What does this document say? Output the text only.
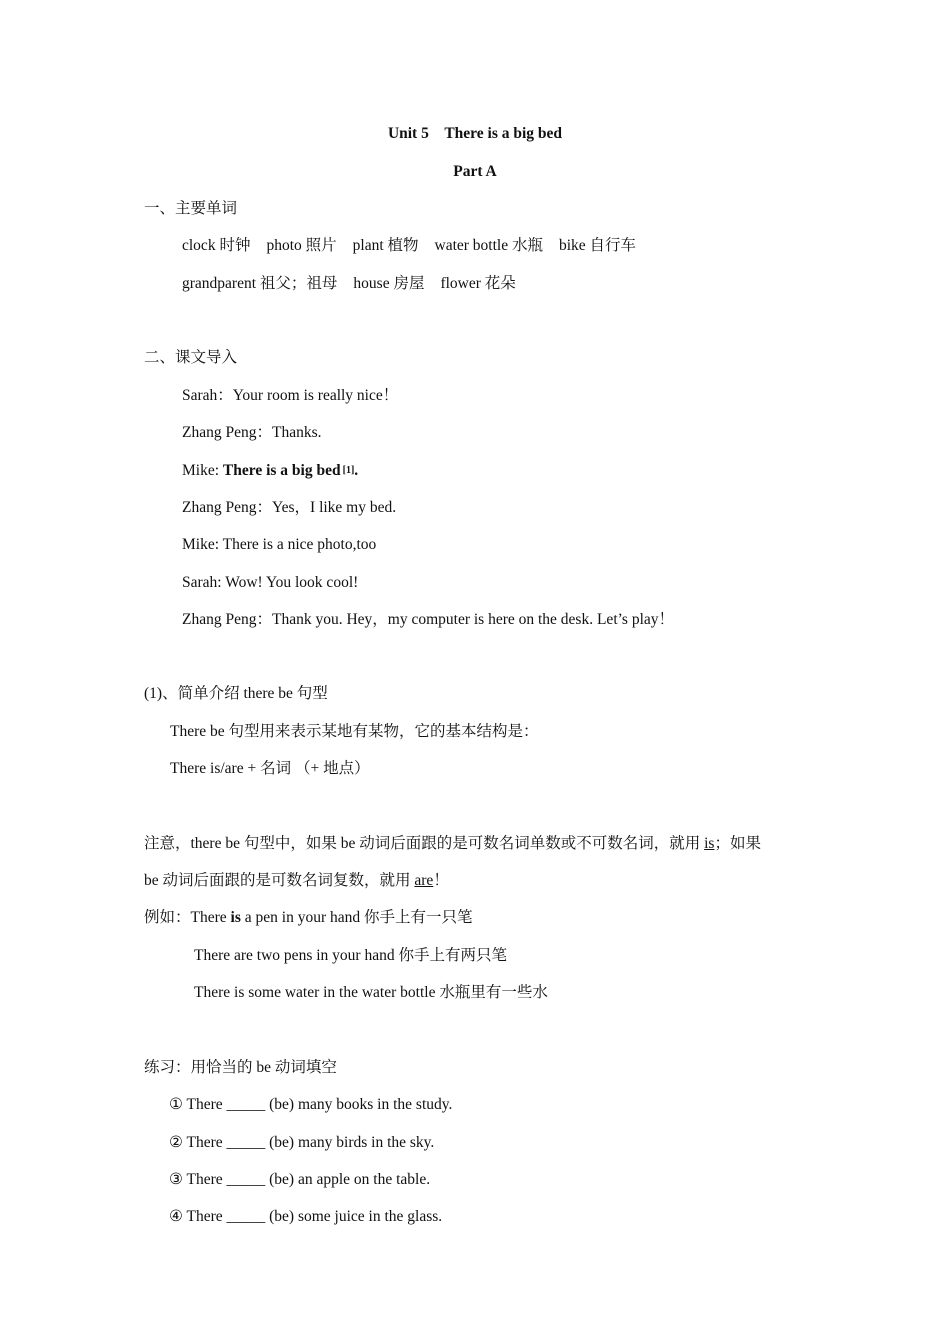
Unit 5　There is a big bed
Part A
一、主要单词
clock 时钟 photo 照片 plant 植物 water bottle 水瓶 bike 自行车
grandparent 祖父；祖母 house 房屋 flower 花朵
二、课文导入
Sarah：Your room is really nice！
Zhang Peng：Thanks.
Mike: There is a big bed [1].
Zhang Peng：Yes，I like my bed.
Mike: There is a nice photo,too
Sarah: Wow! You look cool!
Zhang Peng：Thank you. Hey，my computer is here on the desk. Let’s play！
(1)、简单介绍 there be 句型
There be 句型用来表示某地有某物，它的基本结构是：
There is/are + 名词 （+ 地点）
注意，there be 句型中，如果 be 动词后面跟的是可数名词单数或不可数名词，就用 is；如果
be 动词后面跟的是可数名词复数，就用 are！
例如：There is a pen in your hand 你手上有一只笔
There are two pens in your hand 你手上有两只笔
There is some water in the water bottle 水瓶里有一些水
练习：用恰当的 be 动词填空
① There _____ (be) many books in the study.
② There _____ (be) many birds in the sky.
③ There _____ (be) an apple on the table.
④ There _____ (be) some juice in the glass.
